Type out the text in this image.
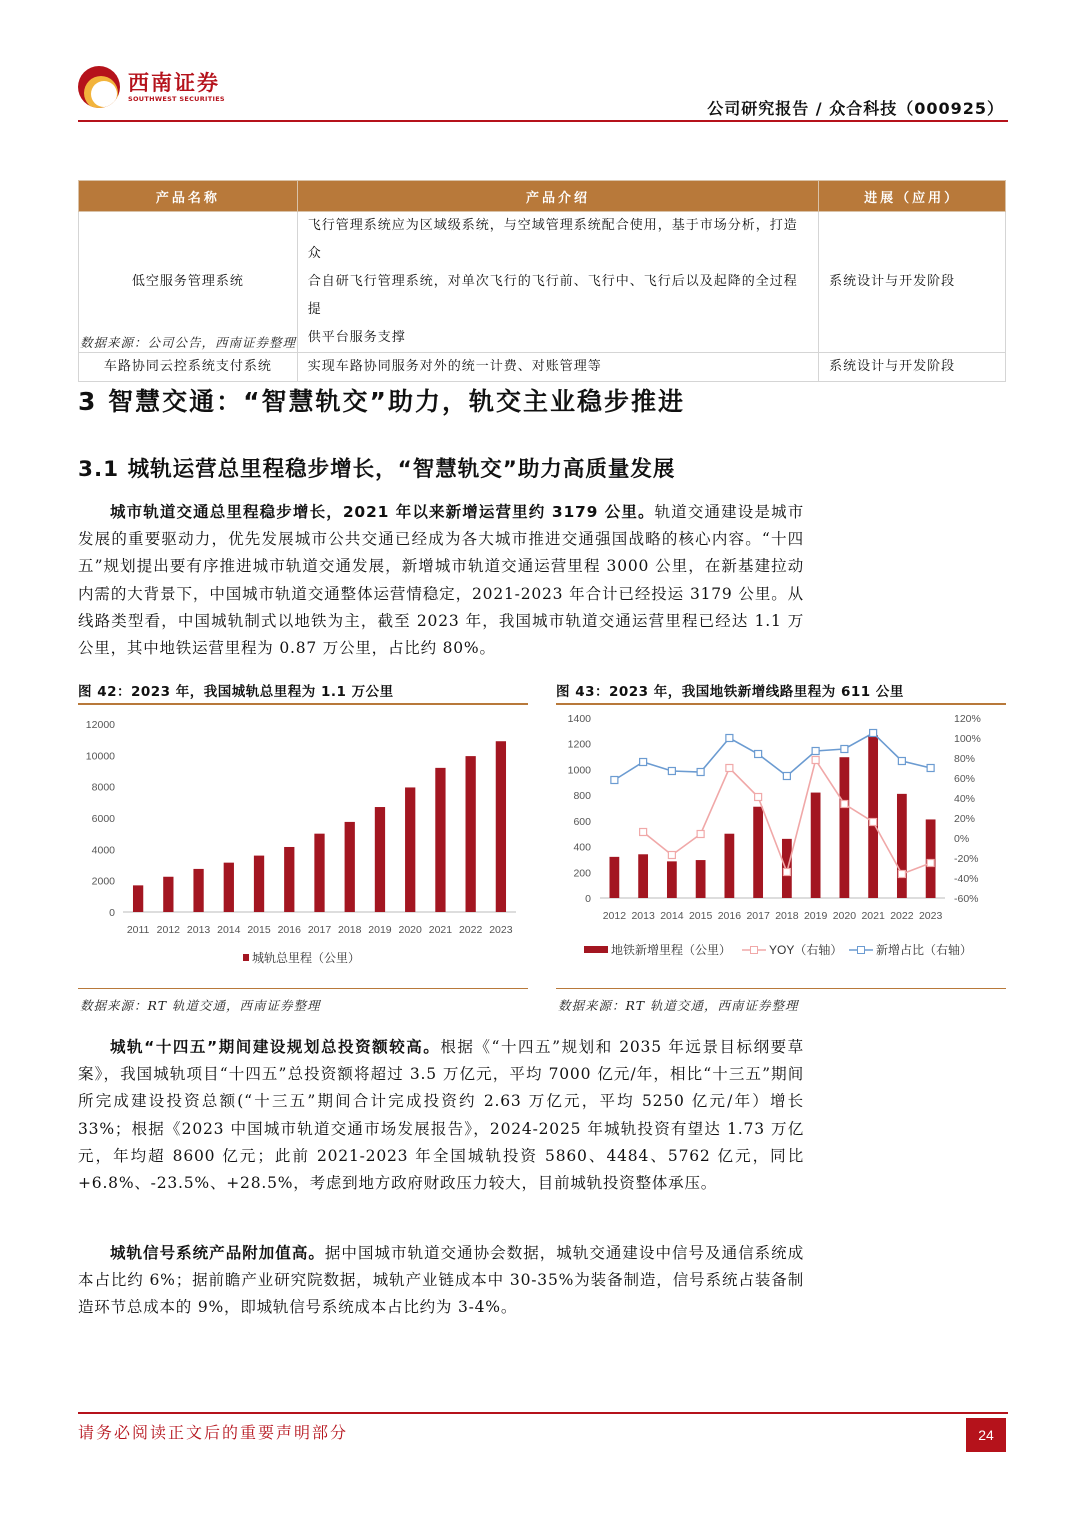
西南证券
SOUTHWEST SECURITIES	公司研究报告 / 众合科技（000925）
产品名称	产品介绍	进展（应用）
低空服务管理系统	飞行管理系统应为区域级系统，与空域管理系统配合使用，基于市场分析，打造众
合自研飞行管理系统，对单次飞行的飞行前、飞行中、飞行后以及起降的全过程提
供平台服务支撑	系统设计与开发阶段
车路协同云控系统支付系统	实现车路协同服务对外的统一计费、对账管理等	系统设计与开发阶段
数据来源：公司公告，西南证券整理
3 智慧交通：“智慧轨交”助力，轨交主业稳步推进
3.1 城轨运营总里程稳步增长，“智慧轨交”助力高质量发展
城市轨道交通总里程稳步增长，2021 年以来新增运营里约 3179 公里。轨道交通建设是城市发展的重要驱动力，优先发展城市公共交通已经成为各大城市推进交通强国战略的核心内容。“十四五”规划提出要有序推进城市轨道交通发展，新增城市轨道交通运营里程 3000 公里，在新基建拉动内需的大背景下，中国城市轨道交通整体运营情稳定，2021-2023 年合计已经投运 3179 公里。从线路类型看，中国城轨制式以地铁为主，截至 2023 年，我国城市轨道交通运营里程已经达 1.1 万公里，其中地铁运营里程为 0.87 万公里，占比约 80%。
图 42：2023 年，我国城轨总里程为 1.1 万公里
0
2000
4000
6000
8000
10000
12000
2011 2012 2013 2014 2015 2016 2017 2018 2019 2020 2021 2022 2023
城轨总里程（公里）
数据来源：RT 轨道交通，西南证券整理
图 43：2023 年，我国地铁新增线路里程为 611 公里
0
200
400
600
800
1000
1200
1400
-60%
-40%
-20%
0%
20%
40%
60%
80%
100%
120%
2012 2013 2014 2015 2016 2017 2018 2019 2020 2021 2022 2023
地铁新增里程（公里）	YOY（右轴）	新增占比（右轴）
数据来源：RT 轨道交通，西南证券整理
城轨“十四五”期间建设规划总投资额较高。根据《“十四五”规划和 2035 年远景目标纲要草案》，我国城轨项目“十四五”总投资额将超过 3.5 万亿元，平均 7000 亿元/年，相比“十三五”期间所完成建设投资总额(“十三五”期间合计完成投资约 2.63 万亿元，平均 5250 亿元/年）增长 33%；根据《2023 中国城市轨道交通市场发展报告》，2024-2025 年城轨投资有望达 1.73 万亿元，年均超 8600 亿元；此前 2021-2023 年全国城轨投资 5860、4484、5762 亿元，同比+6.8%、-23.5%、+28.5%，考虑到地方政府财政压力较大，目前城轨投资整体承压。
城轨信号系统产品附加值高。据中国城市轨道交通协会数据，城轨交通建设中信号及通信系统成本占比约 6%；据前瞻产业研究院数据，城轨产业链成本中 30-35%为装备制造，信号系统占装备制造环节总成本的 9%，即城轨信号系统成本占比约为 3-4%。
请务必阅读正文后的重要声明部分	24
